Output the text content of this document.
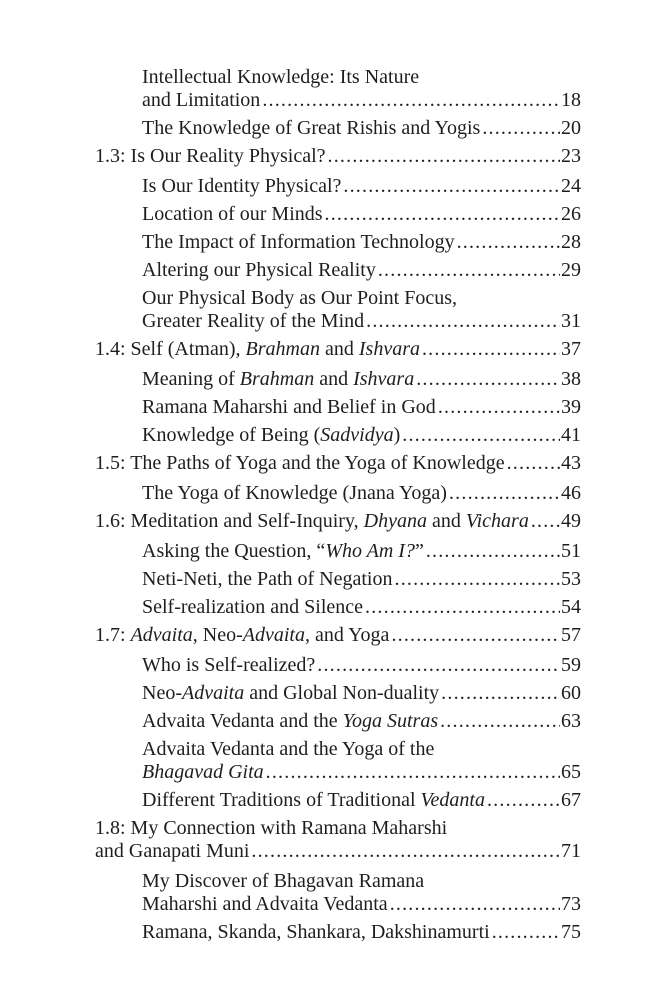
Intellectual Knowledge: Its Nature
and Limitation .....	18
The Knowledge of Great Rishis and Yogis .....	20
1.3: Is Our Reality Physical? .....	23
Is Our Identity Physical? .....	24
Location of our Minds .....	26
The Impact of Information Technology .....	28
Altering our Physical Reality .....	29
Our Physical Body as Our Point Focus,
Greater Reality of the Mind .....	31
1.4: Self (Atman), Brahman and Ishvara .....	37
Meaning of Brahman and Ishvara .....	38
Ramana Maharshi and Belief in God .....	39
Knowledge of Being (Sadvidya) .....	41
1.5: The Paths of Yoga and the Yoga of Knowledge .....	43
The Yoga of Knowledge (Jnana Yoga) .....	46
1.6: Meditation and Self-Inquiry, Dhyana and Vichara ..... 49
Asking the Question, “Who Am I?” .....	51
Neti-Neti, the Path of Negation .....	53
Self-realization and Silence .....	54
1.7: Advaita, Neo-Advaita, and Yoga .....	57
Who is Self-realized? .....	59
Neo-Advaita and Global Non-duality .....	60
Advaita Vedanta and the Yoga Sutras .....	63
Advaita Vedanta and the Yoga of the
Bhagavad Gita .....	65
Different Traditions of Traditional Vedanta .....	67
1.8: My Connection with Ramana Maharshi
and Ganapati Muni .....	71
My Discover of Bhagavan Ramana
Maharshi and Advaita Vedanta .....	73
Ramana, Skanda, Shankara, Dakshinamurti .....	75
